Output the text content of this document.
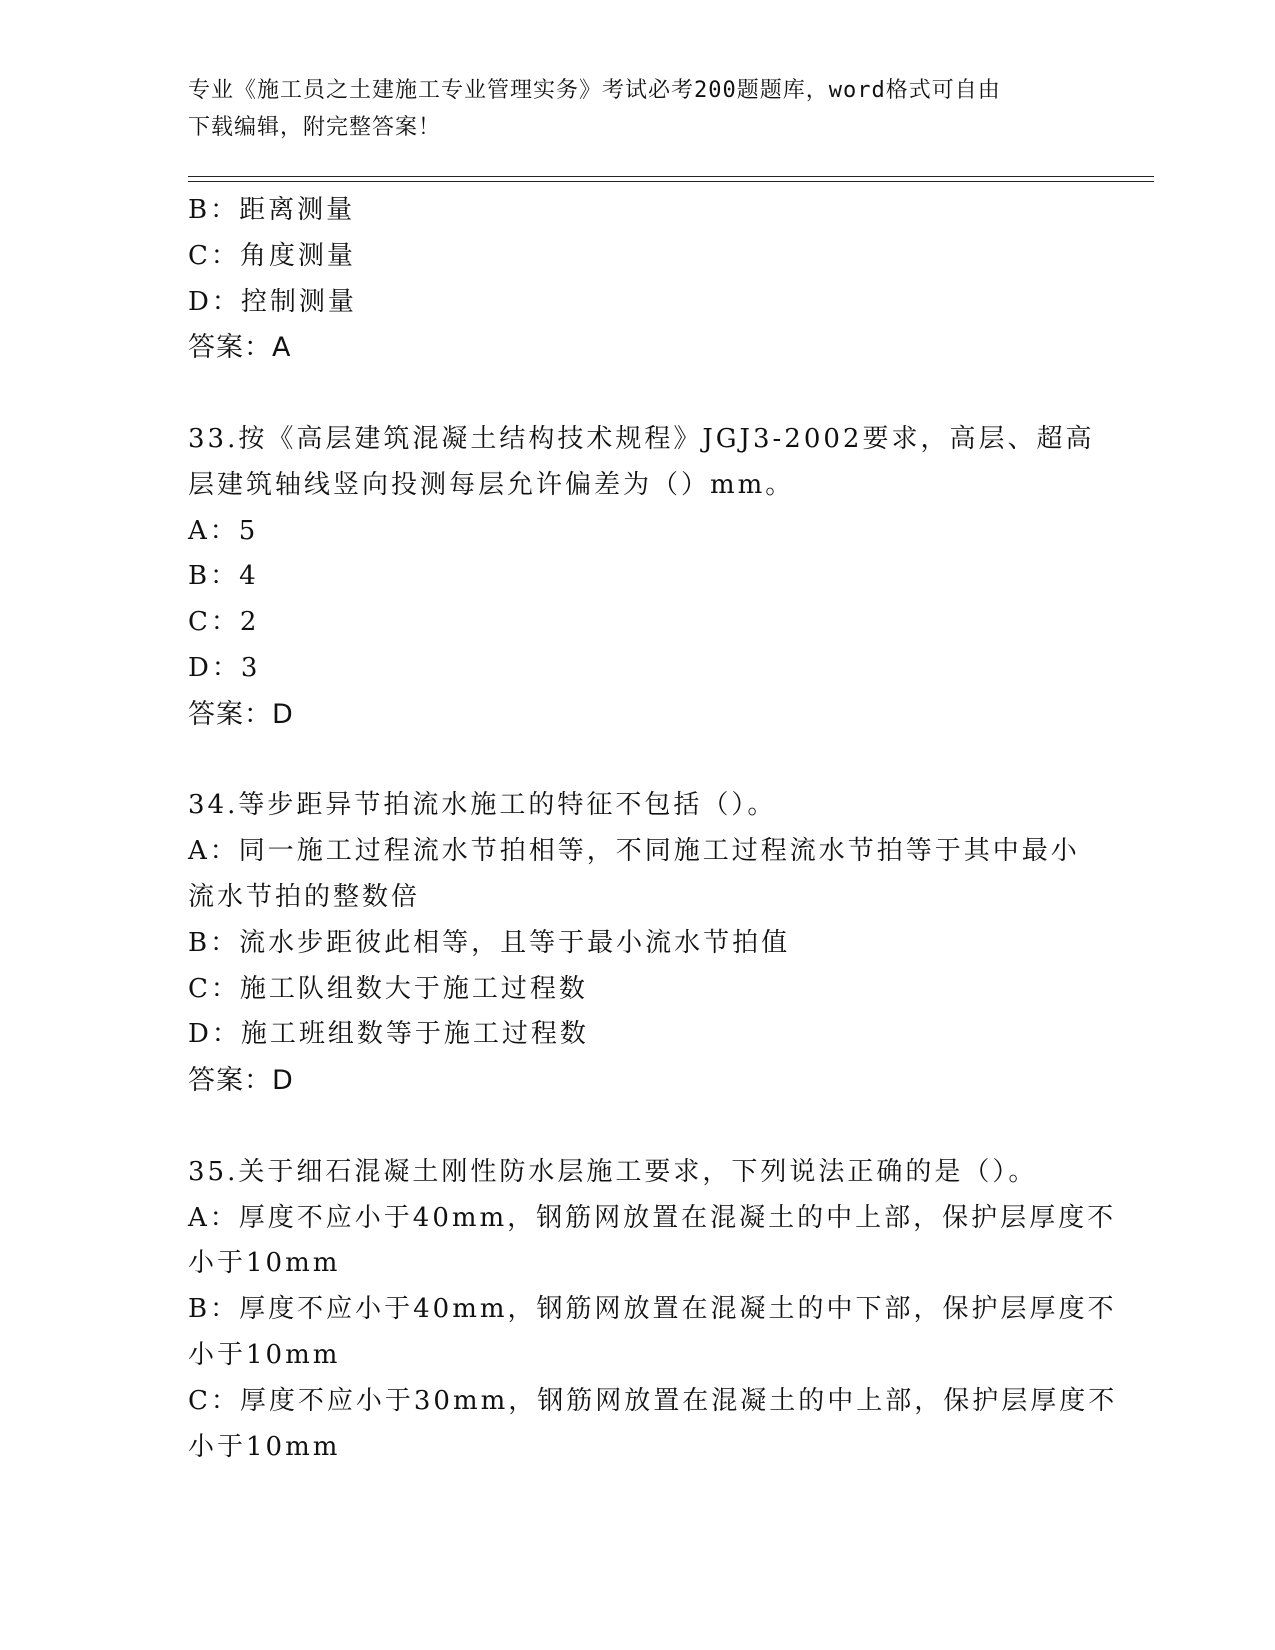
专业《施工员之土建施工专业管理实务》考试必考200题题库，word格式可自由
下载编辑，附完整答案！
B：距离测量
C：角度测量
D：控制测量
答案：A
33.按《高层建筑混凝土结构技术规程》JGJ3-2002要求，高层、超高
层建筑轴线竖向投测每层允许偏差为（）mm。
A：5
B：4
C：2
D：3
答案：D
34.等步距异节拍流水施工的特征不包括（）。
A：同一施工过程流水节拍相等，不同施工过程流水节拍等于其中最小
流水节拍的整数倍
B：流水步距彼此相等，且等于最小流水节拍值
C：施工队组数大于施工过程数
D：施工班组数等于施工过程数
答案：D
35.关于细石混凝土刚性防水层施工要求，下列说法正确的是（）。
A：厚度不应小于40mm，钢筋网放置在混凝土的中上部，保护层厚度不
小于10mm
B：厚度不应小于40mm，钢筋网放置在混凝土的中下部，保护层厚度不
小于10mm
C：厚度不应小于30mm，钢筋网放置在混凝土的中上部，保护层厚度不
小于10mm
